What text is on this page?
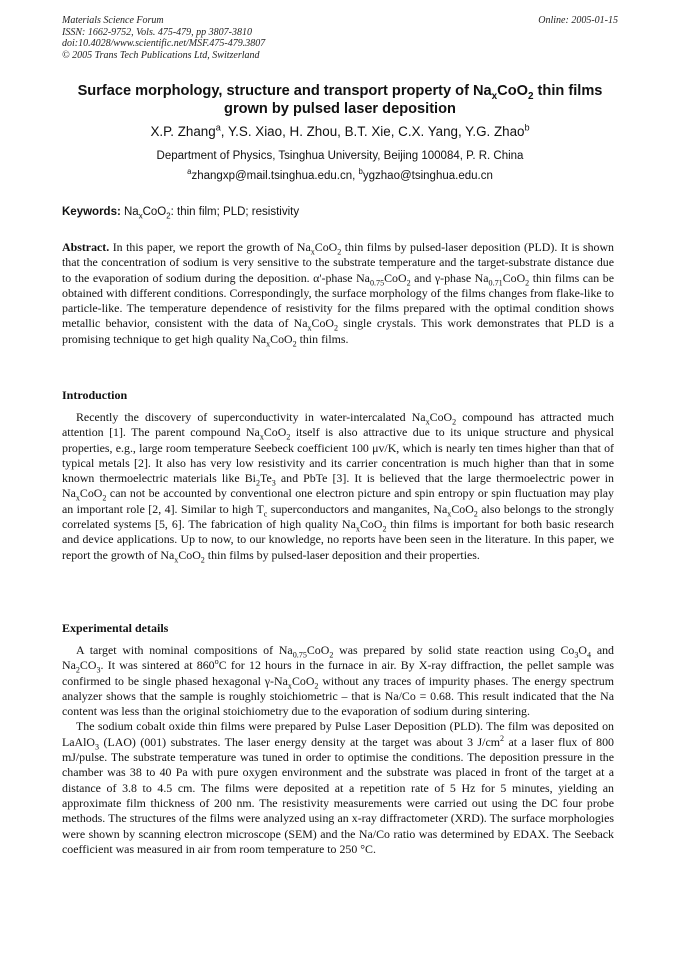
Materials Science Forum
ISSN: 1662-9752, Vols. 475-479, pp 3807-3810
doi:10.4028/www.scientific.net/MSF.475-479.3807
© 2005 Trans Tech Publications Ltd, Switzerland
Online: 2005-01-15
Surface morphology, structure and transport property of $Na_xCoO_2$ thin films grown by pulsed laser deposition
X.P. Zhang$^a$, Y.S. Xiao, H. Zhou, B.T. Xie, C.X. Yang, Y.G. Zhao$^b$
Department of Physics, Tsinghua University, Beijing 100084, P. R. China
$^a$zhangxp@mail.tsinghua.edu.cn, $^b$ygzhao@tsinghua.edu.cn
Keywords: $Na_xCoO_2$: thin film; PLD; resistivity

Abstract. In this paper, we report the growth of $Na_xCoO_2$ thin films by pulsed-laser deposition (PLD). It is shown that the concentration of sodium is very sensitive to the substrate temperature and the target-substrate distance due to the evaporation of sodium during the deposition. α'-phase $Na_{0.75}CoO_2$ and γ-phase $Na_{0.71}CoO_2$ thin films can be obtained with different conditions. Correspondingly, the surface morphology of the films changes from flake-like to particle-like. The temperature dependence of resistivity for the films prepared with the optimal condition shows metallic behavior, consistent with the data of $Na_xCoO_2$ single crystals. This work demonstrates that PLD is a promising technique to get high quality $Na_xCoO_2$ thin films.

Introduction

Recently the discovery of superconductivity in water-intercalated $Na_xCoO_2$ compound has attracted much attention [1]. The parent compound $Na_xCoO_2$ itself is also attractive due to its unique structure and physical properties, e.g., large room temperature Seebeck coefficient 100 μv/K, which is nearly ten times higher than that of typical metals [2]. It also has very low resistivity and its carrier concentration is much higher than that in some known thermoelectric materials like $Bi_2Te_3$ and PbTe [3]. It is believed that the large thermoelectric power in $Na_xCoO_2$ can not be accounted by conventional one electron picture and spin entropy or spin fluctuation may play an important role [2, 4]. Similar to high $T_c$ superconductors and manganites, $Na_xCoO_2$ also belongs to the strongly correlated systems [5, 6]. The fabrication of high quality $Na_xCoO_2$ thin films is important for both basic research and device applications. Up to now, to our knowledge, no reports have been seen in the literature. In this paper, we report the growth of $Na_xCoO_2$ thin films by pulsed-laser deposition and their properties.

Experimental details

A target with nominal compositions of $Na_{0.75}CoO_2$ was prepared by solid state reaction using $Co_3O_4$ and $Na_2CO_3$. It was sintered at 860$^o$C for 12 hours in the furnace in air. By X-ray diffraction, the pellet sample was confirmed to be single phased hexagonal $\gamma-Na_xCoO_2$ without any traces of impurity phases. The energy spectrum analyzer shows that the sample is roughly stoichiometric – that is Na/Co = 0.68. This result indicated that the Na content was less than the original stoichiometry due to the evaporation of sodium during sintering.

The sodium cobalt oxide thin films were prepared by Pulse Laser Deposition (PLD). The film was deposited on LaAlO$_3$ (LAO) (001) substrates. The laser energy density at the target was about 3 $J/cm^2$ at a laser flux of 800 mJ/pulse. The substrate temperature was tuned in order to optimise the conditions. The deposition pressure in the chamber was 38 to 40 Pa with pure oxygen environment and the substrate was placed in front of the target at a distance of 3.8 to 4.5 cm. The films were deposited at a repetition rate of 5 Hz for 5 minutes, yielding an approximate film thickness of 200 nm. The resistivity measurements were carried out using the DC four probe methods. The structures of the films were analyzed using an x-ray diffractometer (XRD). The surface morphologies were shown by scanning electron microscope (SEM) and the Na/Co ratio was determined by EDAX. The Seeback coefficient was measured in air from room temperature to 250 °C.
